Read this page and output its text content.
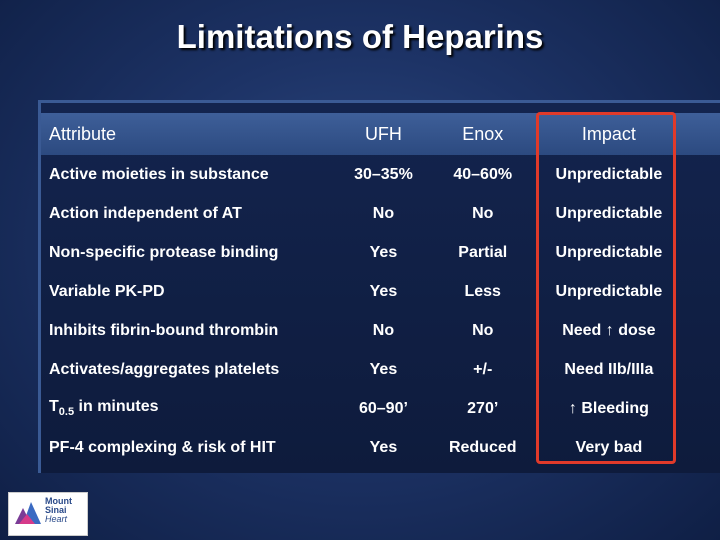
Limitations of Heparins
Attribute	UFH	Enox	Impact
Active moieties in substance	30–35%	40–60%	Unpredictable
Action independent of AT	No	No	Unpredictable
Non-specific protease binding	Yes	Partial	Unpredictable
Variable PK-PD	Yes	Less	Unpredictable
Inhibits fibrin-bound thrombin	No	No	Need ↑ dose
Activates/aggregates platelets	Yes	+/-	Need IIb/IIIa
$T_{0.5}$ in minutes	60–90’	270’	↑ Bleeding
PF-4 complexing & risk of HIT	Yes	Reduced	Very bad
Mount
Sinai
Heart
